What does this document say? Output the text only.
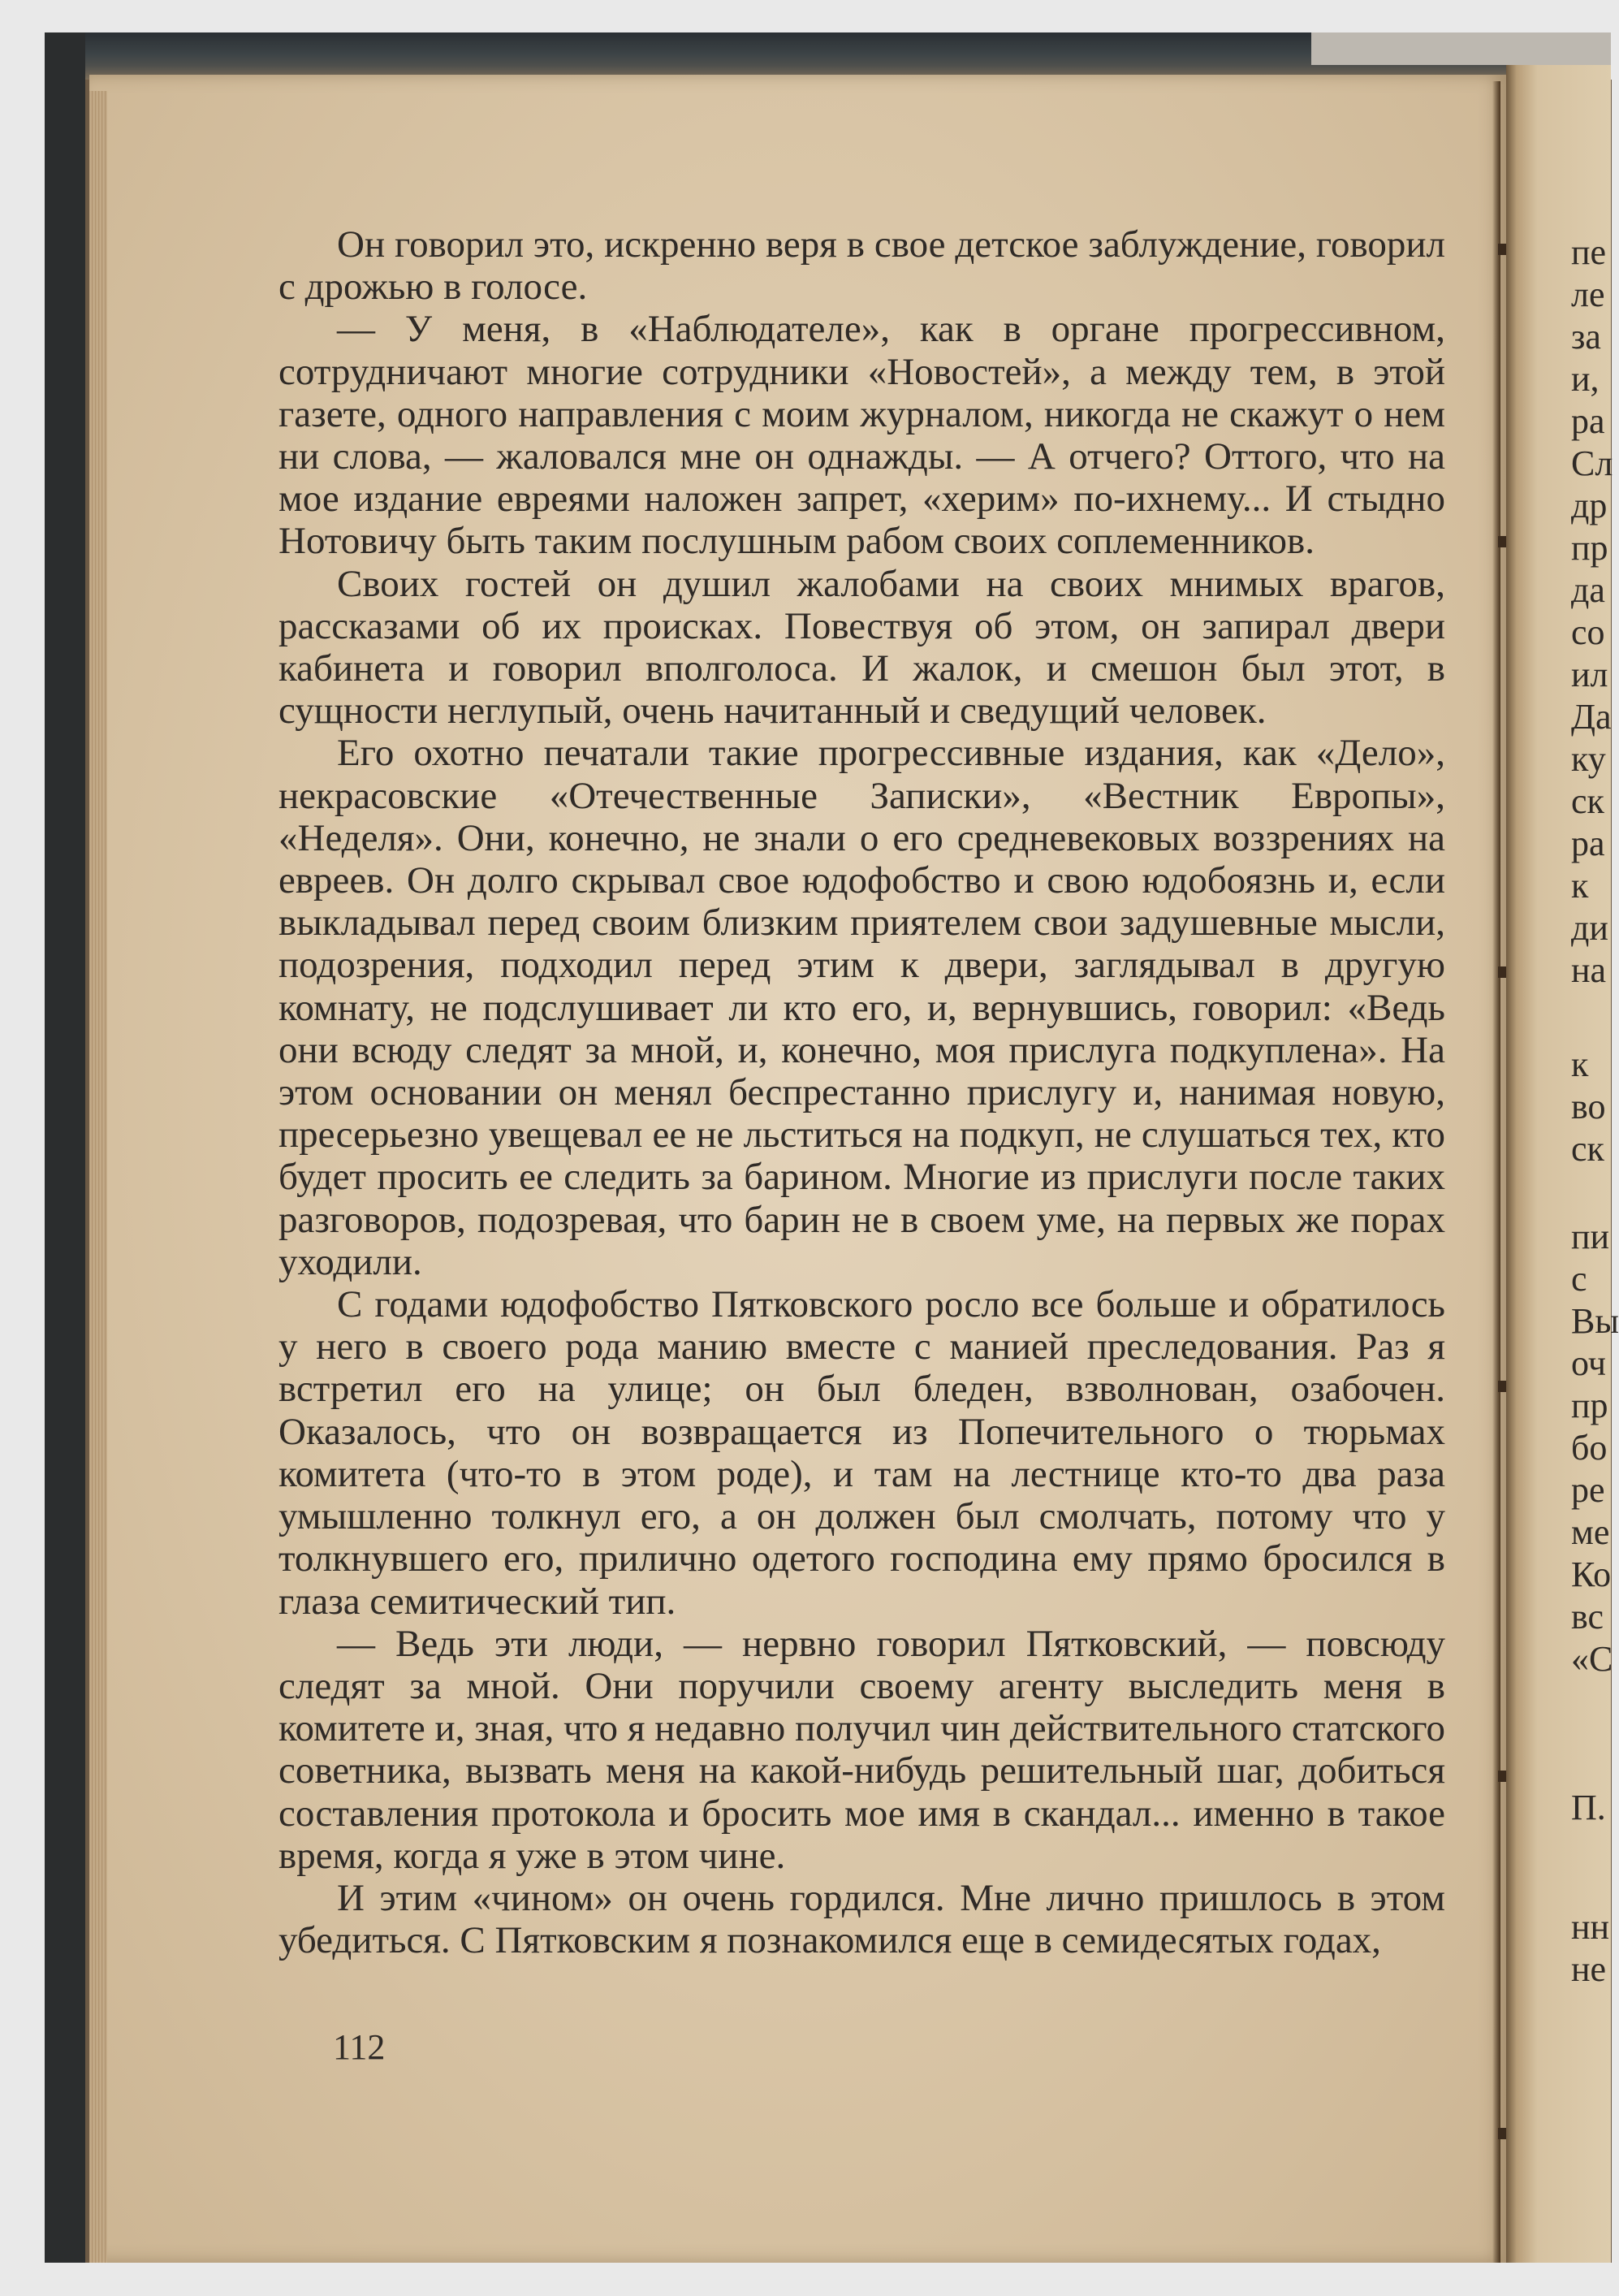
Он говорил это, искренно веря в свое детское заблуждение, говорил с дрожью в голосе.

— У меня, в «Наблюдателе», как в органе прогрессивном, сотрудничают многие сотрудники «Новостей», а между тем, в этой газете, одного направления с моим журналом, никогда не скажут о нем ни слова, — жаловался мне он однажды. — А отчего? Оттого, что на мое издание евреями наложен запрет, «херим» по-ихнему... И стыдно Нотовичу быть таким послушным рабом своих соплеменников.

Своих гостей он душил жалобами на своих мнимых врагов, рассказами об их происках. Повествуя об этом, он запирал двери кабинета и говорил вполголоса. И жалок, и смешон был этот, в сущности неглупый, очень начитанный и сведущий человек.

Его охотно печатали такие прогрессивные издания, как «Дело», некрасовские «Отечественные Записки», «Вестник Европы», «Неделя». Они, конечно, не знали о его средневековых воззрениях на евреев. Он долго скрывал свое юдофобство и свою юдобоязнь и, если выкладывал перед своим близким приятелем свои задушевные мысли, подозрения, подходил перед этим к двери, заглядывал в другую комнату, не подслушивает ли кто его, и, вернувшись, говорил: «Ведь они всюду следят за мной, и, конечно, моя прислуга подкуплена». На этом основании он менял беспрестанно прислугу и, нанимая новую, пресерьезно увещевал ее не льститься на подкуп, не слушаться тех, кто будет просить ее следить за барином. Многие из прислуги после таких разговоров, подозревая, что барин не в своем уме, на первых же порах уходили.

С годами юдофобство Пятковского росло все больше и обратилось у него в своего рода манию вместе с манией преследования. Раз я встретил его на улице; он был бледен, взволнован, озабочен. Оказалось, что он возвращается из Попечительного о тюрьмах комитета (что-то в этом роде), и там на лестнице кто-то два раза умышленно толкнул его, а он должен был смолчать, потому что у толкнувшего его, прилично одетого господина ему прямо бросился в глаза семитический тип.

— Ведь эти люди, — нервно говорил Пятковский, — повсюду следят за мной. Они поручили своему агенту выследить меня в комитете и, зная, что я недавно получил чин действительного статского советника, вызвать меня на какой-нибудь решительный шаг, добиться составления протокола и бросить мое имя в скандал... именно в такое время, когда я уже в этом чине.

И этим «чином» он очень гордился. Мне лично пришлось в этом убедиться. С Пятковским я познакомился еще в семидесятых годах,

112
пе
ле
за
и,
ра
Сл
др
пр
да
со
ил
Да
ку
ск
ра
к
ди
на
к
во
ск
пи
с
Вы
оч
пр
бо
ре
ме
Ко
вс
«С
П.
нн
не
